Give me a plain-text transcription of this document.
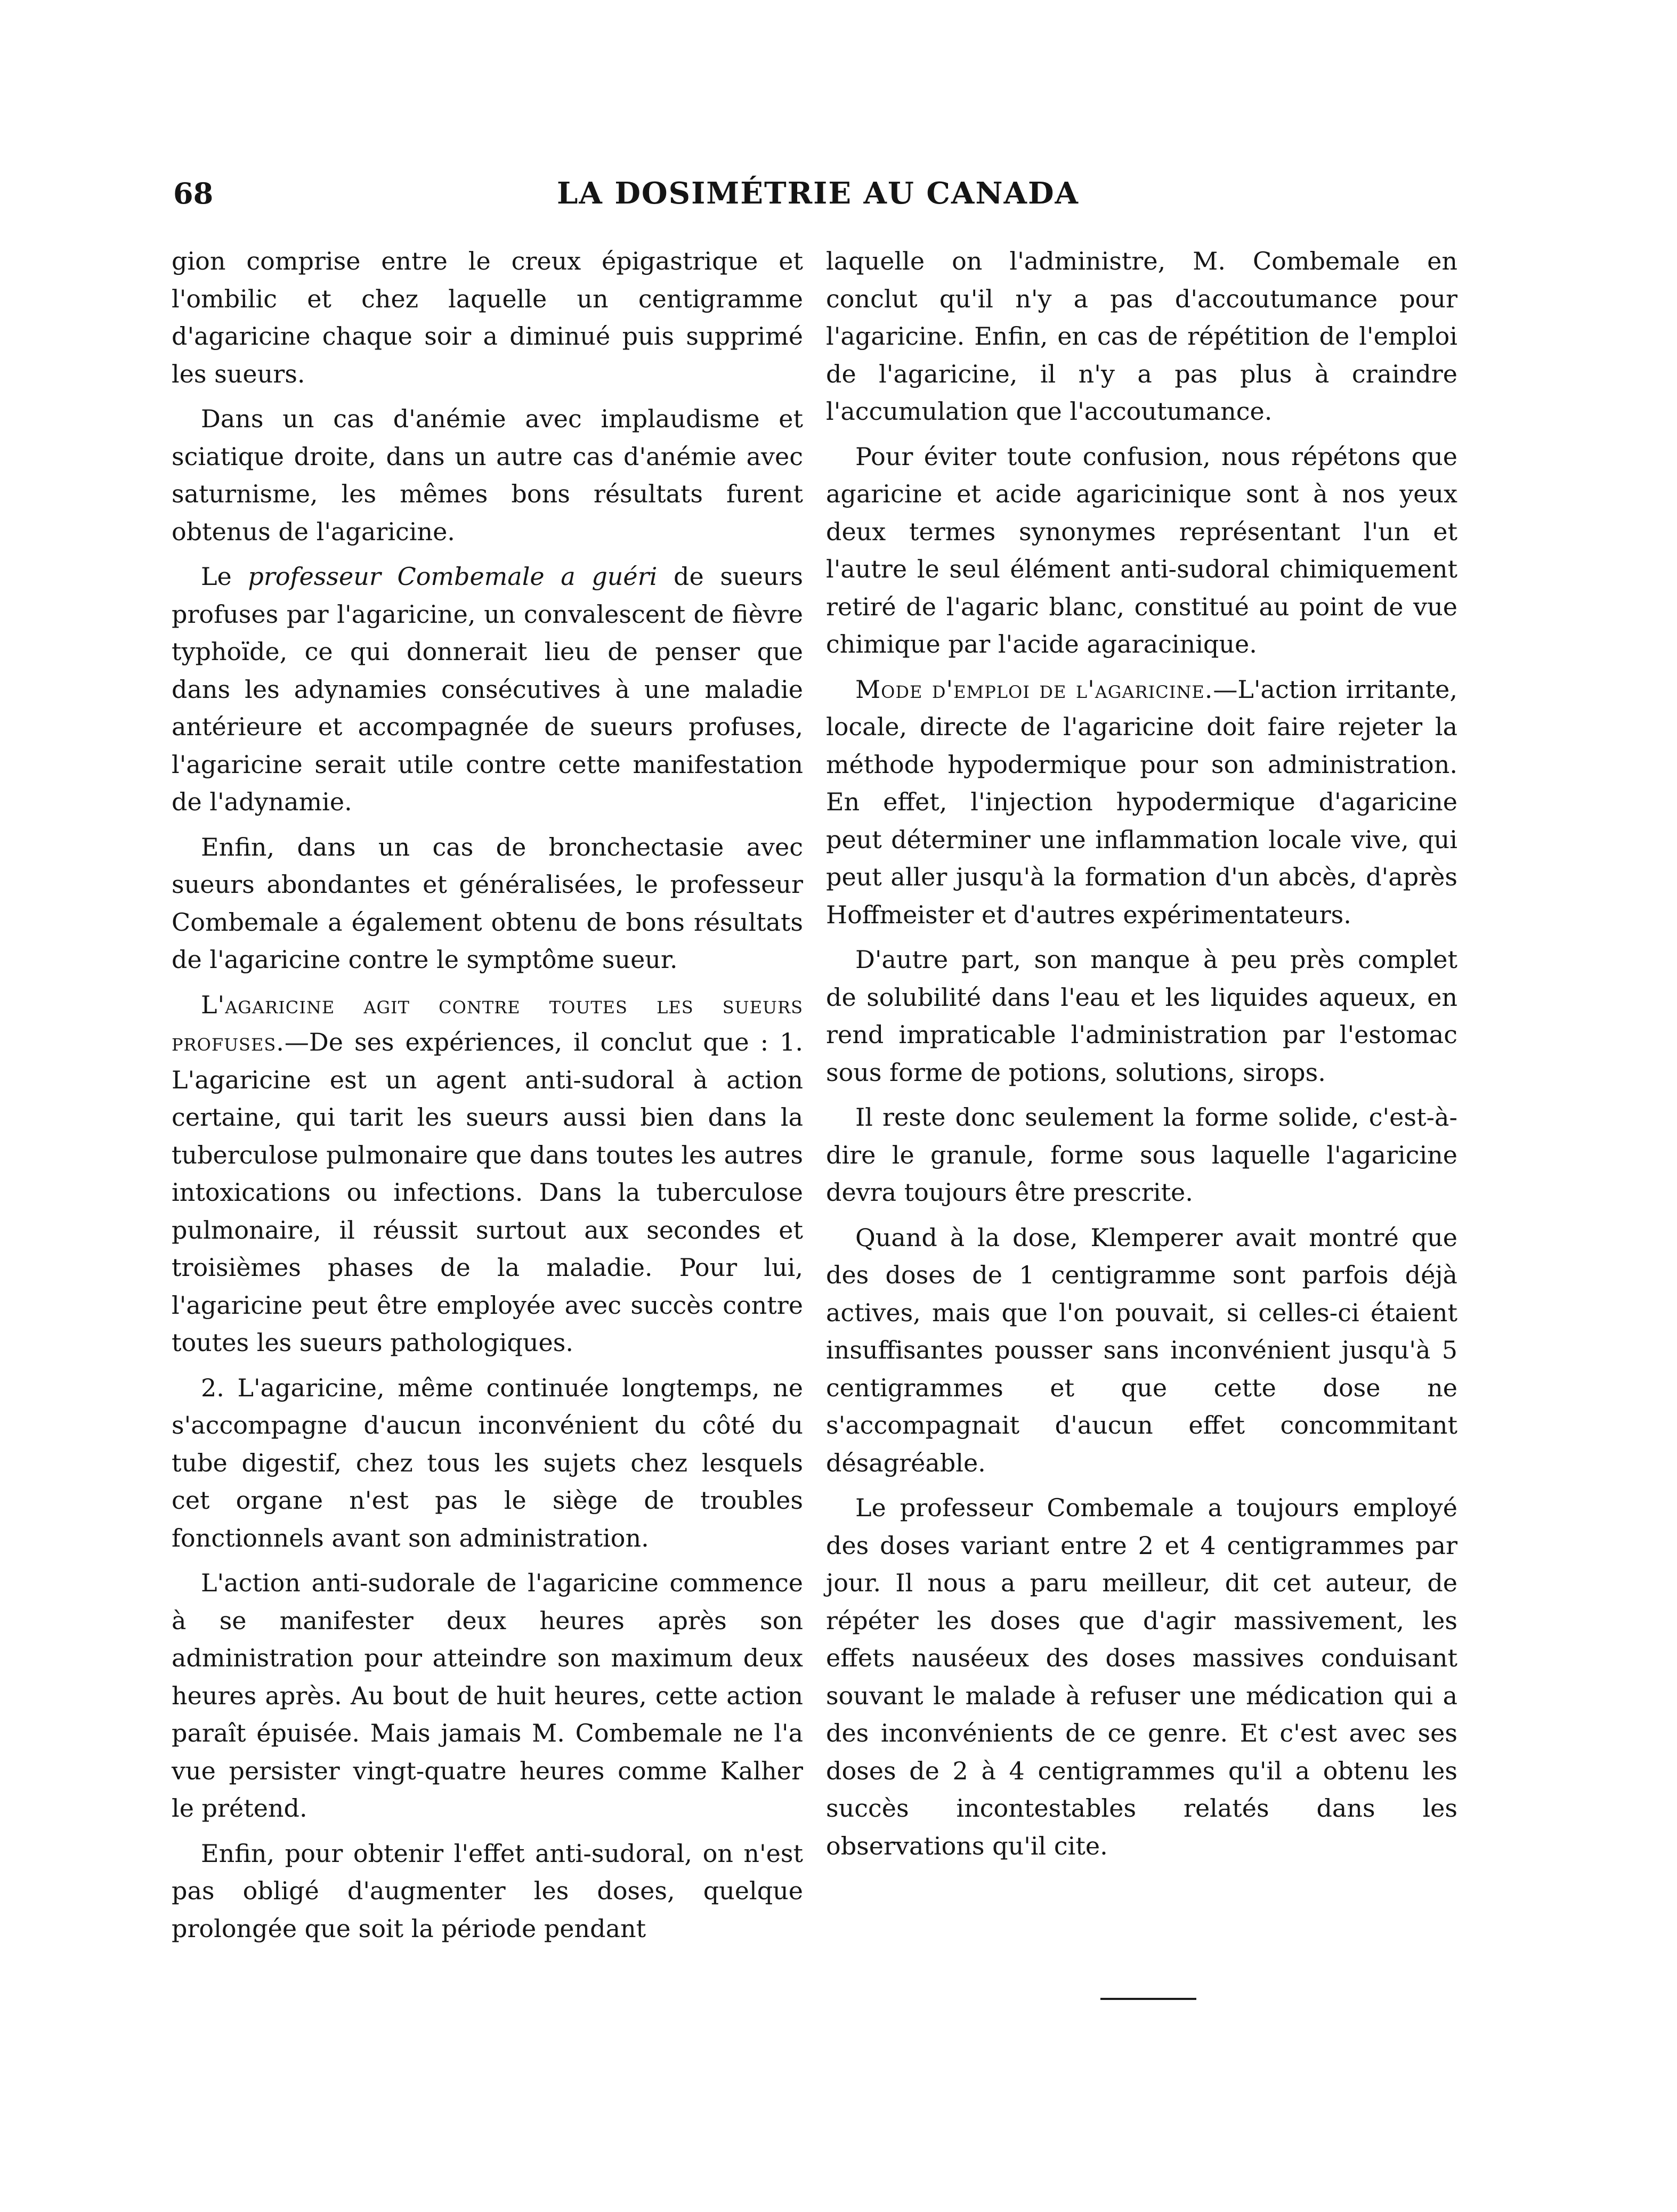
68	LA DOSIMÉTRIE AU CANADA

gion comprise entre le creux épigastrique et l'ombilic et chez laquelle un centigramme d'agaricine chaque soir a diminué puis supprimé les sueurs.

Dans un cas d'anémie avec implaudisme et sciatique droite, dans un autre cas d'anémie avec saturnisme, les mêmes bons résultats furent obtenus de l'agaricine.

Le professeur Combemale a guéri de sueurs profuses par l'agaricine, un convalescent de fièvre typhoïde, ce qui donnerait lieu de penser que dans les adynamies consécutives à une maladie antérieure et accompagnée de sueurs profuses, l'agaricine serait utile contre cette manifestation de l'adynamie.

Enfin, dans un cas de bronchectasie avec sueurs abondantes et généralisées, le professeur Combemale a également obtenu de bons résultats de l'agaricine contre le symptôme sueur.

L'agaricine agit contre toutes les sueurs profuses.—De ses expériences, il conclut que : 1. L'agaricine est un agent anti-sudoral à action certaine, qui tarit les sueurs aussi bien dans la tuberculose pulmonaire que dans toutes les autres intoxications ou infections. Dans la tuberculose pulmonaire, il réussit surtout aux secondes et troisièmes phases de la maladie. Pour lui, l'agaricine peut être employée avec succès contre toutes les sueurs pathologiques.

2. L'agaricine, même continuée longtemps, ne s'accompagne d'aucun inconvénient du côté du tube digestif, chez tous les sujets chez lesquels cet organe n'est pas le siège de troubles fonctionnels avant son administration.

L'action anti-sudorale de l'agaricine commence à se manifester deux heures après son administration pour atteindre son maximum deux heures après. Au bout de huit heures, cette action paraît épuisée. Mais jamais M. Combemale ne l'a vue persister vingt-quatre heures comme Kalher le prétend.

Enfin, pour obtenir l'effet anti-sudoral, on n'est pas obligé d'augmenter les doses, quelque prolongée que soit la période pendant

laquelle on l'administre, M. Combemale en conclut qu'il n'y a pas d'accoutumance pour l'agaricine. Enfin, en cas de répétition de l'emploi de l'agaricine, il n'y a pas plus à craindre l'accumulation que l'accoutumance.

Pour éviter toute confusion, nous répétons que agaricine et acide agaricinique sont à nos yeux deux termes synonymes représentant l'un et l'autre le seul élément anti-sudoral chimiquement retiré de l'agaric blanc, constitué au point de vue chimique par l'acide agaracinique.

Mode d'emploi de l'agaricine.—L'action irritante, locale, directe de l'agaricine doit faire rejeter la méthode hypodermique pour son administration. En effet, l'injection hypodermique d'agaricine peut déterminer une inflammation locale vive, qui peut aller jusqu'à la formation d'un abcès, d'après Hoffmeister et d'autres expérimentateurs.

D'autre part, son manque à peu près complet de solubilité dans l'eau et les liquides aqueux, en rend impraticable l'administration par l'estomac sous forme de potions, solutions, sirops.

Il reste donc seulement la forme solide, c'est-à-dire le granule, forme sous laquelle l'agaricine devra toujours être prescrite.

Quand à la dose, Klemperer avait montré que des doses de 1 centigramme sont parfois déjà actives, mais que l'on pouvait, si celles-ci étaient insuffisantes pousser sans inconvénient jusqu'à 5 centigrammes et que cette dose ne s'accompagnait d'aucun effet concommitant désagréable.

Le professeur Combemale a toujours employé des doses variant entre 2 et 4 centigrammes par jour. Il nous a paru meilleur, dit cet auteur, de répéter les doses que d'agir massivement, les effets nauséeux des doses massives conduisant souvant le malade à refuser une médication qui a des inconvénients de ce genre. Et c'est avec ses doses de 2 à 4 centigrammes qu'il a obtenu les succès incontestables relatés dans les observations qu'il cite.
